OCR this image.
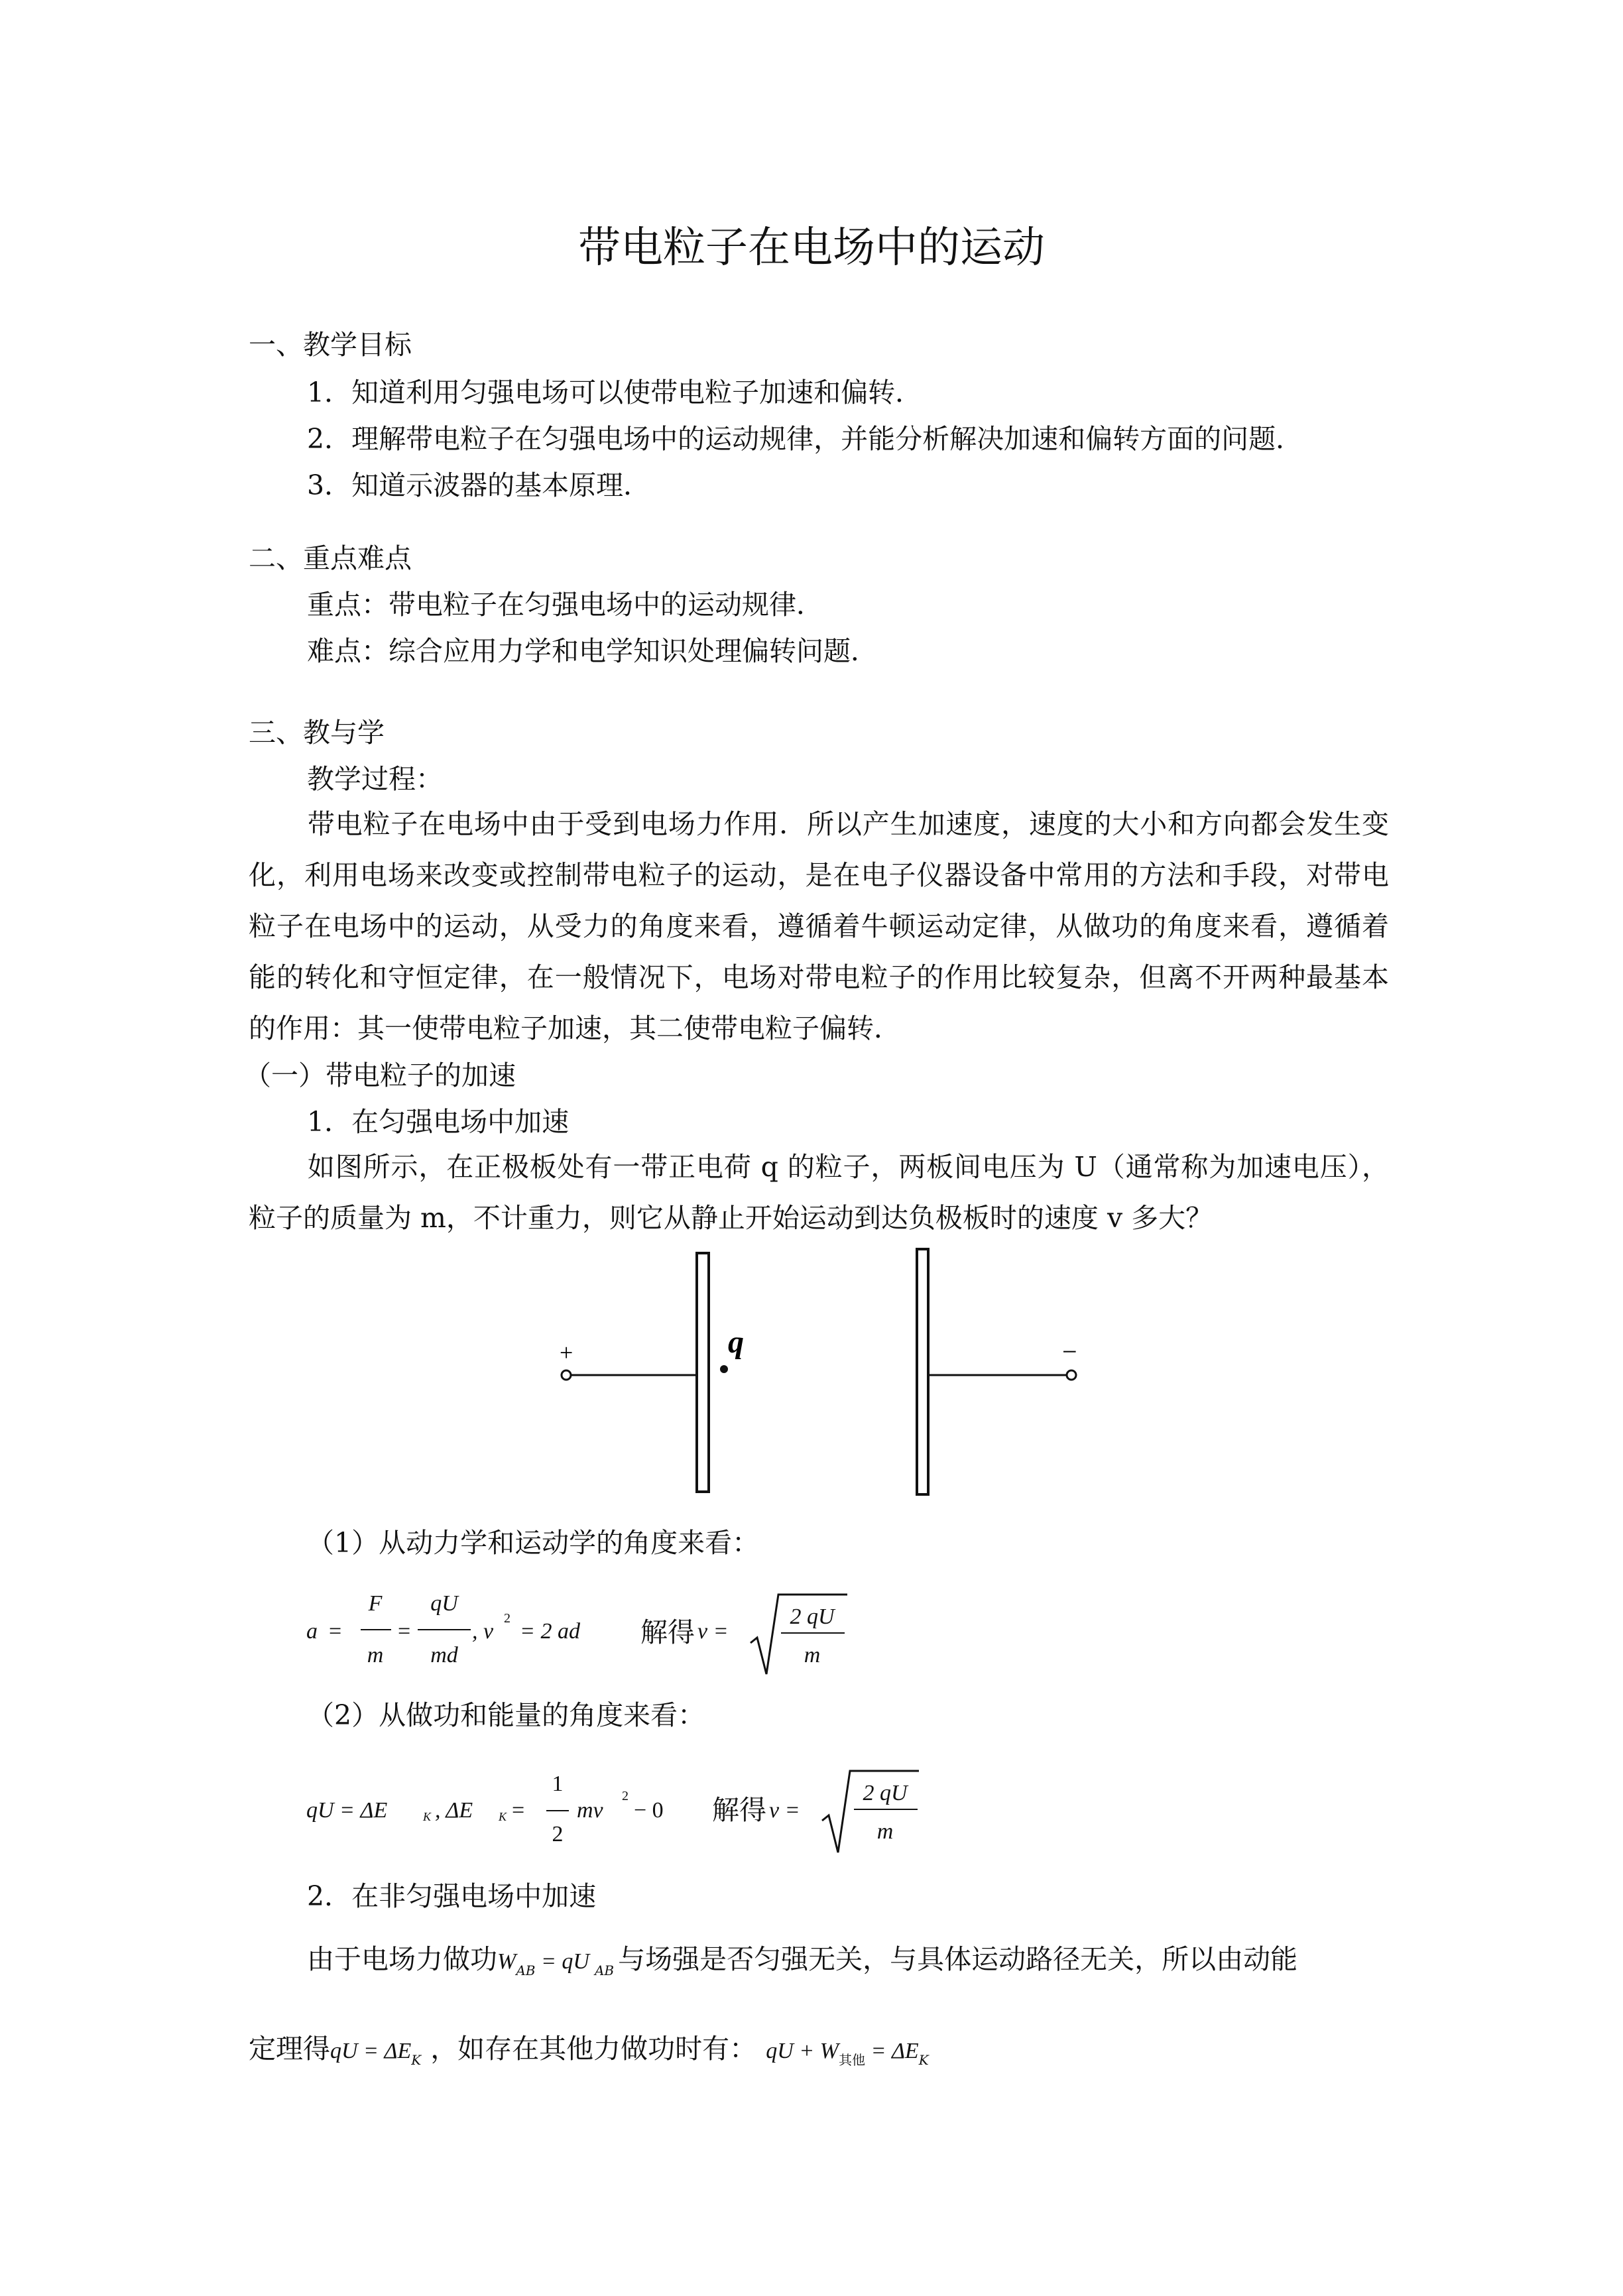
带电粒子在电场中的运动
一、教学目标
1．知道利用匀强电场可以使带电粒子加速和偏转．
2．理解带电粒子在匀强电场中的运动规律，并能分析解决加速和偏转方面的问题．
3．知道示波器的基本原理．
二、重点难点
重点：带电粒子在匀强电场中的运动规律．
难点：综合应用力学和电学知识处理偏转问题．
三、教与学
教学过程：
带电粒子在电场中由于受到电场力作用．所以产生加速度，速度的大小和方向都会发生变化，利用电场来改变或控制带电粒子的运动，是在电子仪器设备中常用的方法和手段，对带电粒子在电场中的运动，从受力的角度来看，遵循着牛顿运动定律，从做功的角度来看，遵循着能的转化和守恒定律，在一般情况下，电场对带电粒子的作用比较复杂，但离不开两种最基本的作用：其一使带电粒子加速，其二使带电粒子偏转．
（一）带电粒子的加速
1．在匀强电场中加速
如图所示，在正极板处有一带正电荷 q 的粒子，两板间电压为 U（通常称为加速电压），粒子的质量为 m，不计重力，则它从静止开始运动到达负极板时的速度 v 多大？
+	−
q
（1）从动力学和运动学的角度来看：
a =
F
m
=
qU
md
, v
2
= 2 ad 解得 v =
2 qU
m
（2）从做功和能量的角度来看：
qU = ΔE	K , ΔE K =
1
2
mv
2
− 0 解得 v =
2 qU
m
2．在非匀强电场中加速
由于电场力做功$W_{AB}$ = qU $_{AB}$ 与场强是否匀强无关，与具体运动路径无关，所以由动能
定理得qU = $\Delta E_K$ ，如存在其他力做功时有： qU + $W_{其他} = \Delta E_K$
